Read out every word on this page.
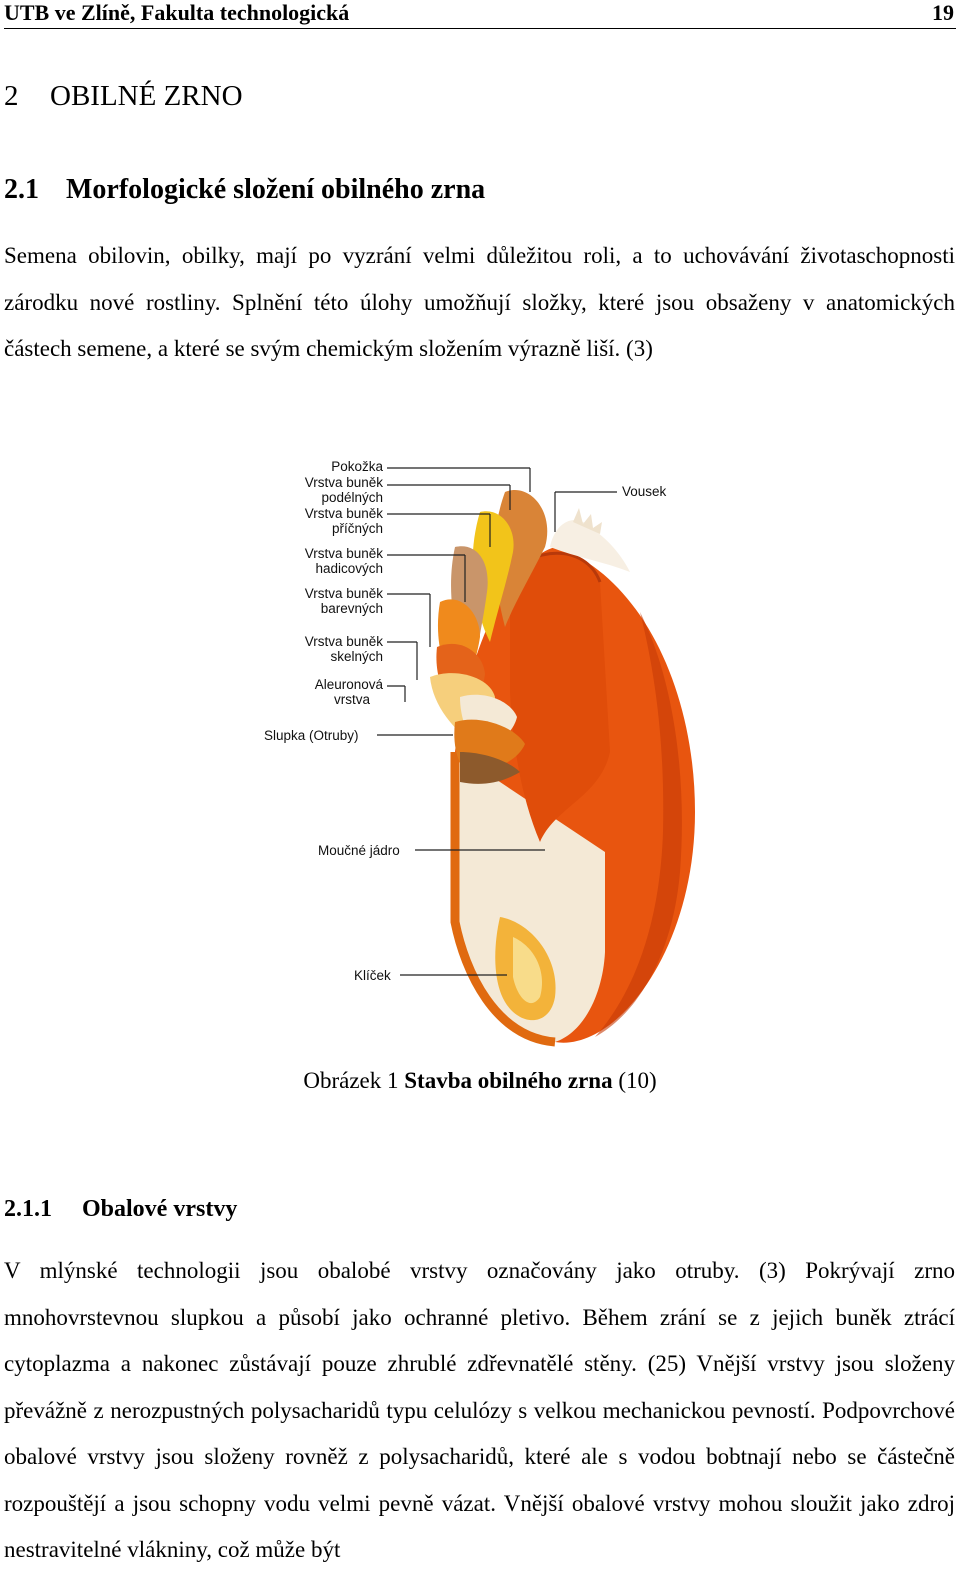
UTB ve Zlíně, Fakulta technologická	19
2 OBILNÉ ZRNO
2.1 Morfologické složení obilného zrna

Semena obilovin, obilky, mají po vyzrání velmi důležitou roli, a to uchovávání životaschopnosti zárodku nové rostliny. Splnění této úlohy umožňují složky, které jsou obsaženy v anatomických částech semene, a které se svým chemickým složením výrazně liší. (3)

Pokožka
Vrstva buněk
podélných
Vrstva buněk
příčných
Vrstva buněk
hadicových
Vrstva buněk
barevných
Vrstva buněk
skelných
Aleuronová
vrstva
Slupka (Otruby)
Moučné jádro
Klíček
Vousek
Obrázek 1 Stavba obilného zrna (10)
2.1.1 Obalové vrstvy

V mlýnské technologii jsou obalobé vrstvy označovány jako otruby. (3) Pokrývají zrno mnohovrstevnou slupkou a působí jako ochranné pletivo. Během zrání se z jejich buněk ztrácí cytoplazma a nakonec zůstávají pouze zhrublé zdřevnatělé stěny. (25) Vnější vrstvy jsou složeny převážně z nerozpustných polysacharidů typu celulózy s velkou mechanickou pevností. Podpovrchové obalové vrstvy jsou složeny rovněž z polysacharidů, které ale s vodou bobtnají nebo se částečně rozpouštějí a jsou schopny vodu velmi pevně vázat. Vnější obalové vrstvy mohou sloužit jako zdroj nestravitelné vlákniny, což může být
